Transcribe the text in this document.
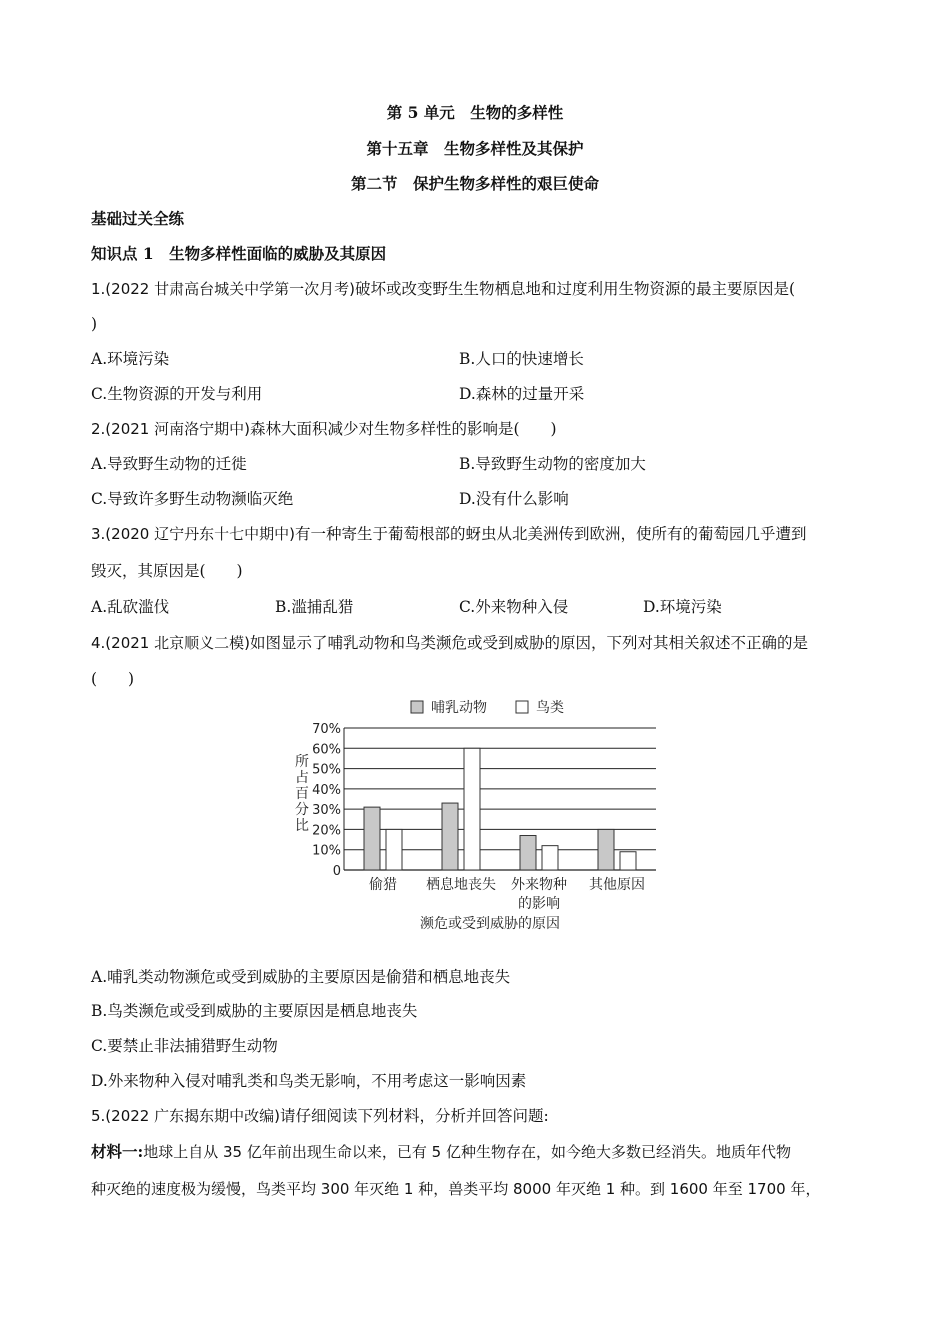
第 5 单元　生物的多样性
第十五章　生物多样性及其保护
第二节　保护生物多样性的艰巨使命
基础过关全练
知识点 1　生物多样性面临的威胁及其原因
1.(2022 甘肃高台城关中学第一次月考)破坏或改变野生生物栖息地和过度利用生物资源的最主要原因是(
)
A.环境污染	B.人口的快速增长
C.生物资源的开发与利用	D.森林的过量开采
2.(2021 河南洛宁期中)森林大面积减少对生物多样性的影响是(　　)
A.导致野生动物的迁徙	B.导致野生动物的密度加大
C.导致许多野生动物濒临灭绝	D.没有什么影响
3.(2020 辽宁丹东十七中期中)有一种寄生于葡萄根部的蚜虫从北美洲传到欧洲，使所有的葡萄园几乎遭到
毁灭，其原因是(　　)
A.乱砍滥伐	B.滥捕乱猎	C.外来物种入侵	D.环境污染
4.(2021 北京顺义二模)如图显示了哺乳动物和鸟类濒危或受到威胁的原因，下列对其相关叙述不正确的是
(　　)
哺乳动物	鸟类
0
10%
20%
30%
40%
50%
60%
70%
偷猎 栖息地丧失 外来物种
的影响
其他原因
所占百分比
濒危或受到威胁的原因
A.哺乳类动物濒危或受到威胁的主要原因是偷猎和栖息地丧失
B.鸟类濒危或受到威胁的主要原因是栖息地丧失
C.要禁止非法捕猎野生动物
D.外来物种入侵对哺乳类和鸟类无影响，不用考虑这一影响因素
5.(2022 广东揭东期中改编)请仔细阅读下列材料，分析并回答问题:
材料一:地球上自从 35 亿年前出现生命以来，已有 5 亿种生物存在，如今绝大多数已经消失。地质年代物
种灭绝的速度极为缓慢，鸟类平均 300 年灭绝 1 种，兽类平均 8000 年灭绝 1 种。到 1600 年至 1700 年，
